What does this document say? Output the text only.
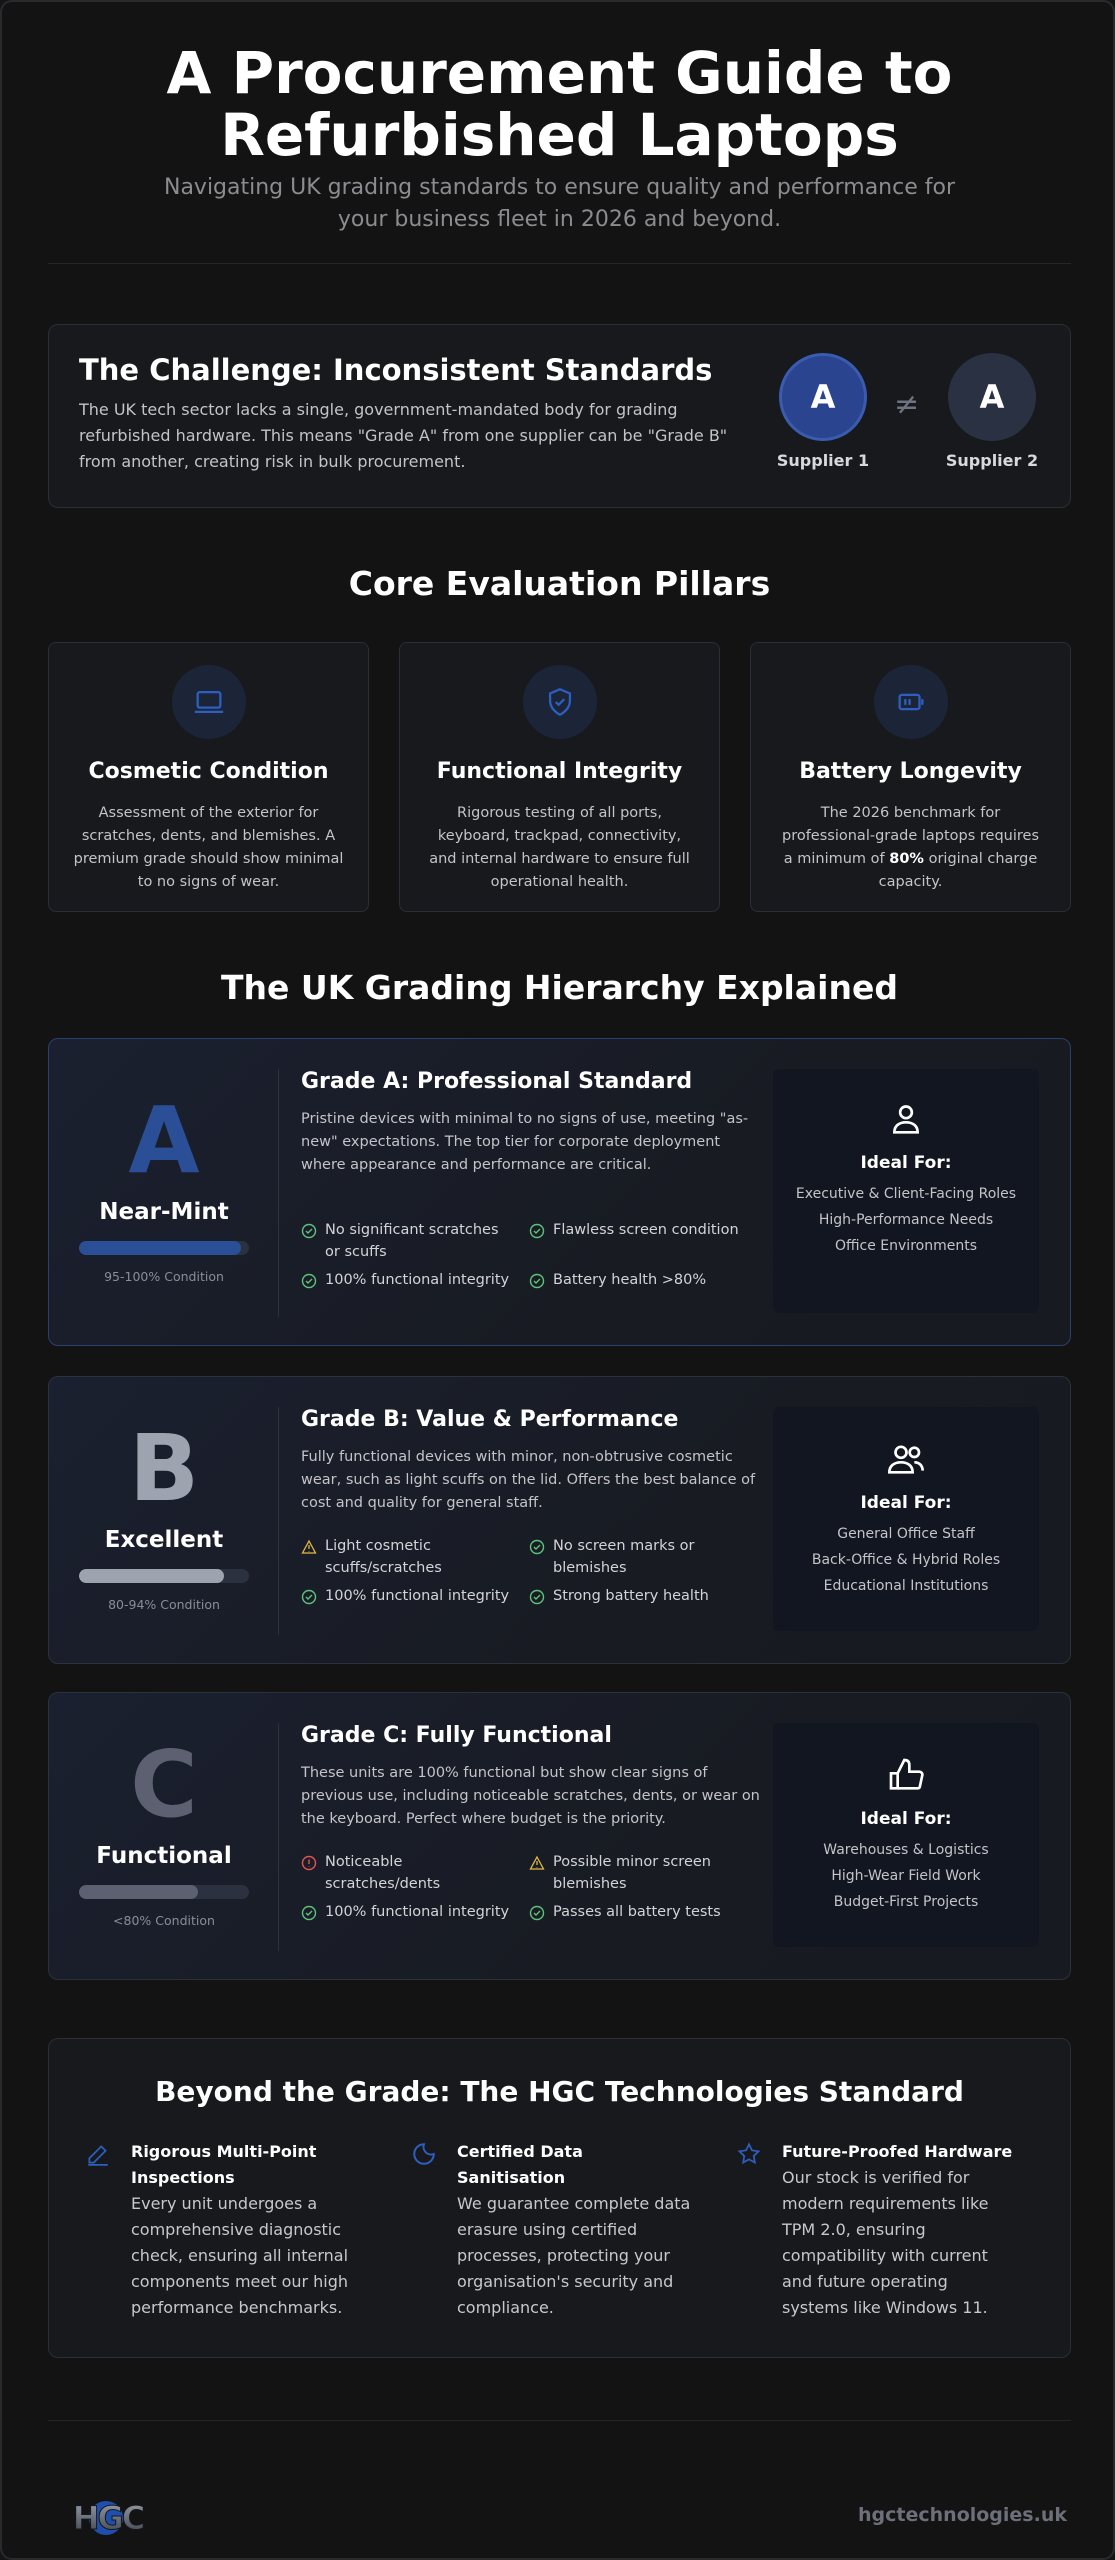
A Procurement Guide to
Refurbished Laptops
Navigating UK grading standards to ensure quality and performance for
your business fleet in 2026 and beyond.
The Challenge: Inconsistent Standards
The UK tech sector lacks a single, government-mandated body for grading refurbished hardware. This means "Grade A" from one supplier can be "Grade B" from another, creating risk in bulk procurement.
A
Supplier 1
≠	A
Supplier 2
Core Evaluation Pillars
Cosmetic Condition
Assessment of the exterior for scratches, dents, and blemishes. A premium grade should show minimal to no signs of wear.
Functional Integrity
Rigorous testing of all ports, keyboard, trackpad, connectivity, and internal hardware to ensure full operational health.
Battery Longevity
The 2026 benchmark for professional-grade laptops requires a minimum of 80% original charge capacity.
The UK Grading Hierarchy Explained
A
Near-Mint
95-100% Condition
Grade A: Professional Standard
Pristine devices with minimal to no signs of use, meeting "as-new" expectations. The top tier for corporate deployment where appearance and performance are critical.
No significant scratches or scuffs
Flawless screen condition
100% functional integrity	Battery health >80%
Ideal For:
Executive & Client-Facing Roles
High-Performance Needs
Office Environments
B
Excellent
80-94% Condition
Grade B: Value & Performance
Fully functional devices with minor, non-obtrusive cosmetic wear, such as light scuffs on the lid. Offers the best balance of cost and quality for general staff.
Light cosmetic scuffs/scratches
No screen marks or blemishes
100% functional integrity	Strong battery health
Ideal For:
General Office Staff
Back-Office & Hybrid Roles
Educational Institutions
C
Functional
<80% Condition
Grade C: Fully Functional
These units are 100% functional but show clear signs of previous use, including noticeable scratches, dents, or wear on the keyboard. Perfect where budget is the priority.
Noticeable scratches/dents
Possible minor screen blemishes
100% functional integrity	Passes all battery tests
Ideal For:
Warehouses & Logistics
High-Wear Field Work
Budget-First Projects
Beyond the Grade: The HGC Technologies Standard
Rigorous Multi-Point Inspections
Every unit undergoes a comprehensive diagnostic check, ensuring all internal components meet our high performance benchmarks.
Certified Data Sanitisation
We guarantee complete data erasure using certified processes, protecting your organisation's security and compliance.
Future-Proofed Hardware
Our stock is verified for modern requirements like TPM 2.0, ensuring compatibility with current and future operating systems like Windows 11.
HGC	hgctechnologies.uk
